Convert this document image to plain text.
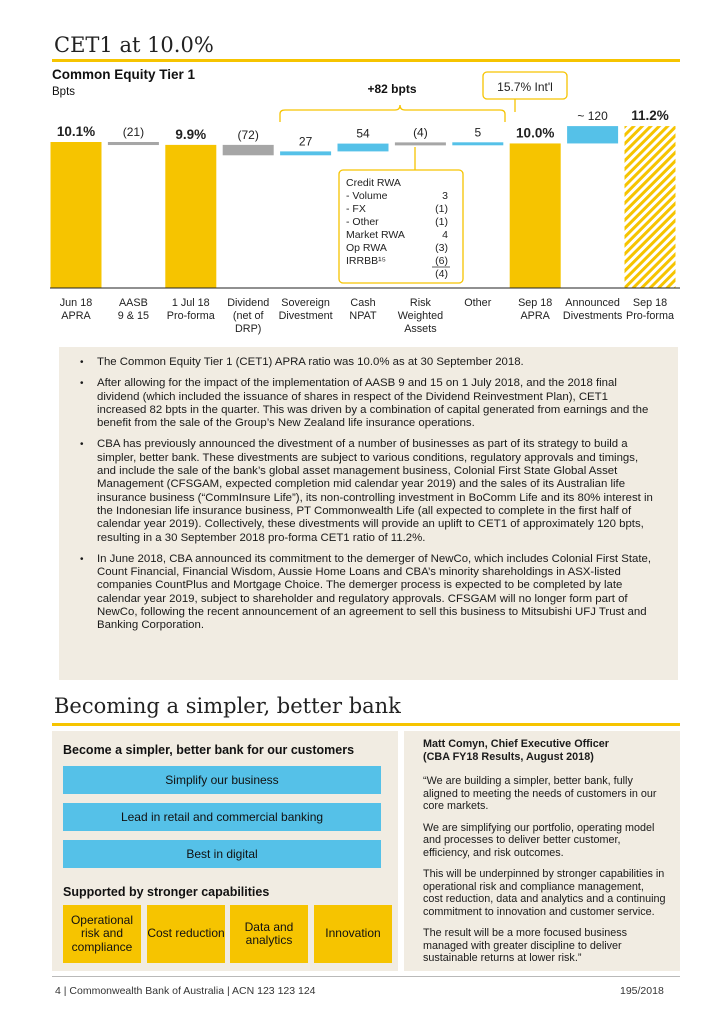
CET1 at 10.0%
Common Equity Tier 1
Bpts
10.1% (21) 9.9%	(72)	27
54	(4)	5	10.0%
~ 120 11.2%
Jun 18
APRA
AASB
9 & 15
1 Jul 18
Pro-forma
Dividend
(net of
DRP)
Sovereign
Divestment
Cash
NPAT
Risk
Weighted
Assets
Other Sep 18
APRA
Announced
Divestments
Sep 18
Pro-forma
+82 bpts	15.7% Int'l
Credit RWA
- Volume	3
- FX	(1)
- Other	(1)
Market RWA	4
Op RWA	(3)
IRRBB¹⁵	(6)
(4)
• The Common Equity Tier 1 (CET1) APRA ratio was 10.0% as at 30 September 2018.
• After allowing for the impact of the implementation of AASB 9 and 15 on 1 July 2018, and the 2018 final dividend (which included the issuance of shares in respect of the Dividend Reinvestment Plan), CET1 increased 82 bpts in the quarter. This was driven by a combination of capital generated from earnings and the benefit from the sale of the Group’s New Zealand life insurance operations.
• CBA has previously announced the divestment of a number of businesses as part of its strategy to build a simpler, better bank. These divestments are subject to various conditions, regulatory approvals and timings, and include the sale of the bank’s global asset management business, Colonial First State Global Asset Management (CFSGAM, expected completion mid calendar year 2019) and the sales of its Australian life insurance business (“CommInsure Life”), its non-controlling investment in BoComm Life and its 80% interest in the Indonesian life insurance business, PT Commonwealth Life (all expected to complete in the first half of calendar year 2019). Collectively, these divestments will provide an uplift to CET1 of approximately 120 bpts, resulting in a 30 September 2018 pro-forma CET1 ratio of 11.2%.
• In June 2018, CBA announced its commitment to the demerger of NewCo, which includes Colonial First State, Count Financial, Financial Wisdom, Aussie Home Loans and CBA’s minority shareholdings in ASX-listed companies CountPlus and Mortgage Choice. The demerger process is expected to be completed by late calendar year 2019, subject to shareholder and regulatory approvals. CFSGAM will no longer form part of NewCo, following the recent announcement of an agreement to sell this business to Mitsubishi UFJ Trust and Banking Corporation.
Becoming a simpler, better bank
Become a simpler, better bank for our customers
Simplify our business
Lead in retail and commercial banking
Best in digital
Supported by stronger capabilities
Operational risk and compliance
Cost reduction	Data and analytics	Innovation
Matt Comyn, Chief Executive Officer
(CBA FY18 Results, August 2018)
“We are building a simpler, better bank, fully aligned to meeting the needs of customers in our core markets.
We are simplifying our portfolio, operating model and processes to deliver better customer, efficiency, and risk outcomes.
This will be underpinned by stronger capabilities in operational risk and compliance management, cost reduction, data and analytics and a continuing commitment to innovation and customer service.
The result will be a more focused business managed with greater discipline to deliver sustainable returns at lower risk.”
4 | Commonwealth Bank of Australia | ACN 123 123 124	195/2018
